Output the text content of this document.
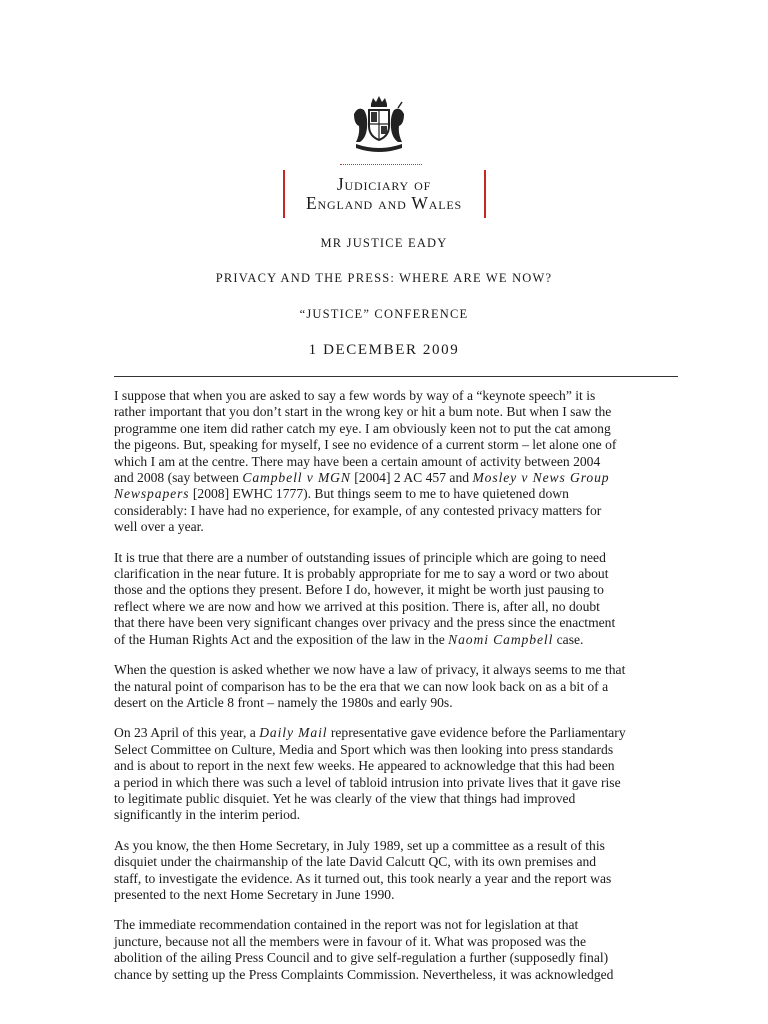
Judiciary of
England and Wales
MR JUSTICE EADY
PRIVACY AND THE PRESS: WHERE ARE WE NOW?
“JUSTICE” CONFERENCE
1 DECEMBER 2009

I suppose that when you are asked to say a few words by way of a “keynote speech” it is
rather important that you don’t start in the wrong key or hit a bum note. But when I saw the
programme one item did rather catch my eye. I am obviously keen not to put the cat among
the pigeons. But, speaking for myself, I see no evidence of a current storm – let alone one of
which I am at the centre. There may have been a certain amount of activity between 2004
and 2008 (say between Campbell v MGN [2004] 2 AC 457 and Mosley v News Group
Newspapers [2008] EWHC 1777). But things seem to me to have quietened down
considerably: I have had no experience, for example, of any contested privacy matters for
well over a year.

It is true that there are a number of outstanding issues of principle which are going to need
clarification in the near future. It is probably appropriate for me to say a word or two about
those and the options they present. Before I do, however, it might be worth just pausing to
reflect where we are now and how we arrived at this position. There is, after all, no doubt
that there have been very significant changes over privacy and the press since the enactment
of the Human Rights Act and the exposition of the law in the Naomi Campbell case.

When the question is asked whether we now have a law of privacy, it always seems to me that
the natural point of comparison has to be the era that we can now look back on as a bit of a
desert on the Article 8 front – namely the 1980s and early 90s.

On 23 April of this year, a Daily Mail representative gave evidence before the Parliamentary
Select Committee on Culture, Media and Sport which was then looking into press standards
and is about to report in the next few weeks. He appeared to acknowledge that this had been
a period in which there was such a level of tabloid intrusion into private lives that it gave rise
to legitimate public disquiet. Yet he was clearly of the view that things had improved
significantly in the interim period.

As you know, the then Home Secretary, in July 1989, set up a committee as a result of this
disquiet under the chairmanship of the late David Calcutt QC, with its own premises and
staff, to investigate the evidence. As it turned out, this took nearly a year and the report was
presented to the next Home Secretary in June 1990.

The immediate recommendation contained in the report was not for legislation at that
juncture, because not all the members were in favour of it. What was proposed was the
abolition of the ailing Press Council and to give self-regulation a further (supposedly final)
chance by setting up the Press Complaints Commission. Nevertheless, it was acknowledged
